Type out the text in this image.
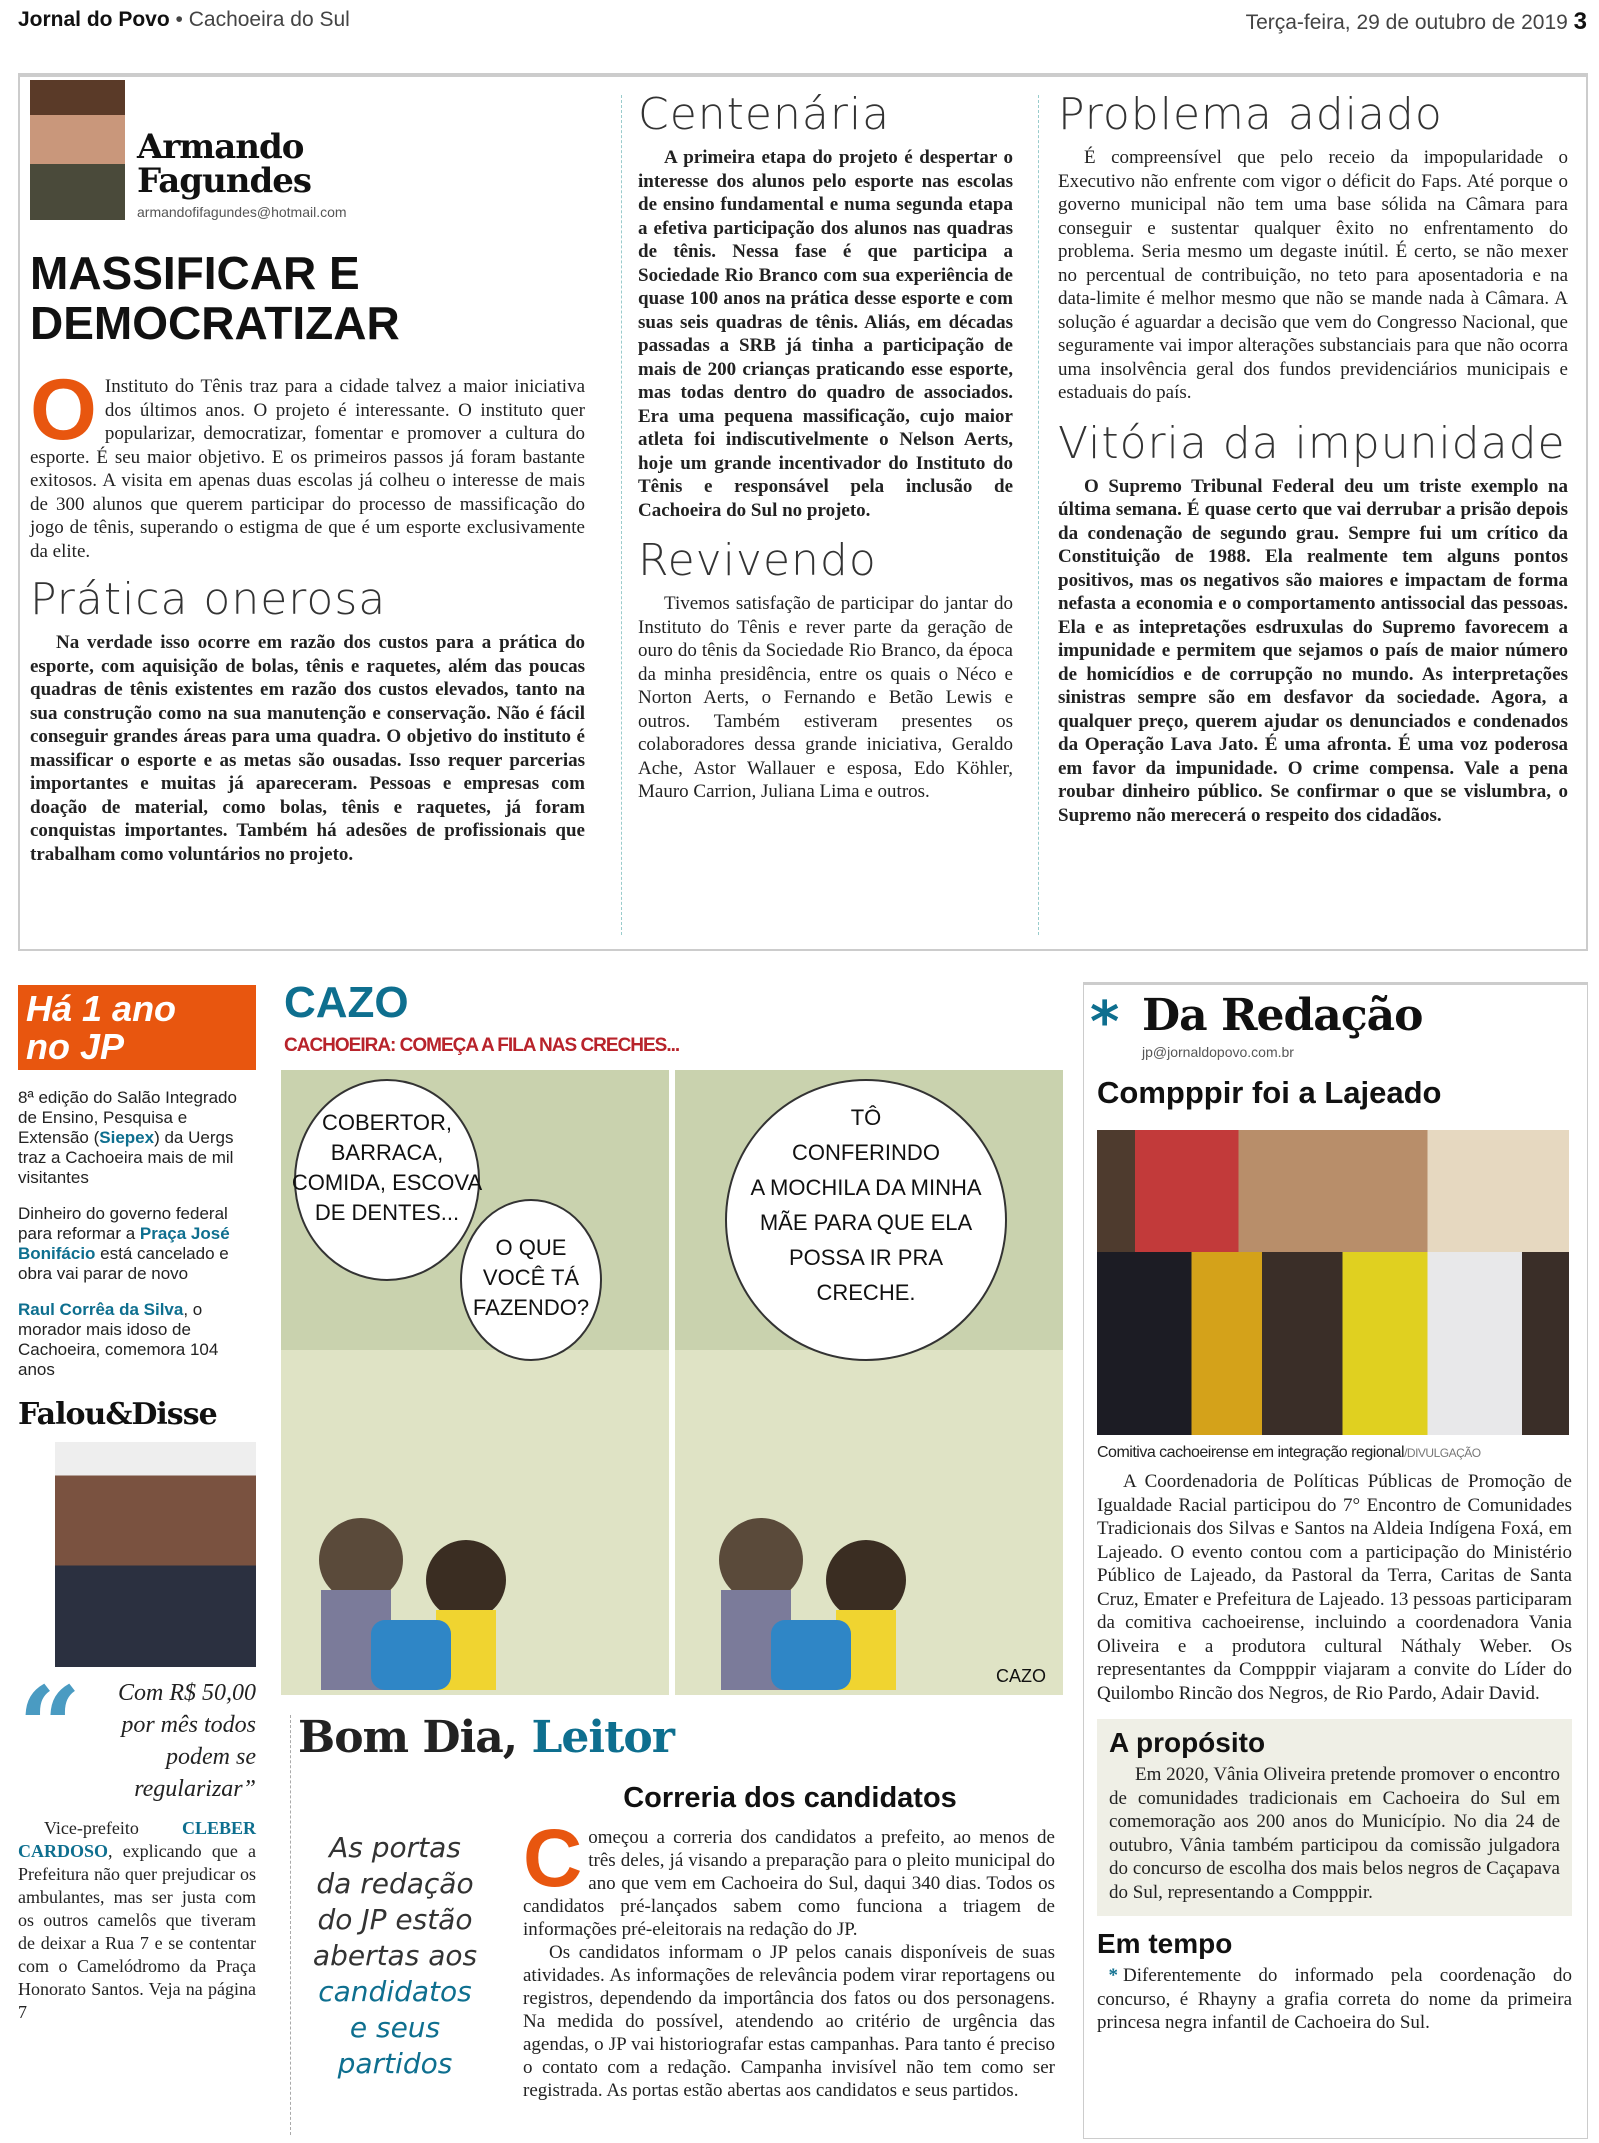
Jornal do Povo • Cachoeira do Sul	Terça-feira, 29 de outubro de 2019 3
Armando
Fagundes
armandofifagundes@hotmail.com
MASSIFICAR E DEMOCRATIZAR
O Instituto do Tênis traz para a cidade talvez a maior iniciativa dos últimos anos. O projeto é interessante. O instituto quer popularizar, democratizar, fomentar e promover a cultura do esporte. É seu maior objetivo. E os primeiros passos já foram bastante exitosos. A visita em apenas duas escolas já colheu o interesse de mais de 300 alunos que querem participar do processo de massificação do jogo de tênis, superando o estigma de que é um esporte exclusivamente da elite.
Prática onerosa
Na verdade isso ocorre em razão dos custos para a prática do esporte, com aquisição de bolas, tênis e raquetes, além das poucas quadras de tênis existentes em razão dos custos elevados, tanto na sua construção como na sua manutenção e conservação. Não é fácil conseguir grandes áreas para uma quadra. O objetivo do instituto é massificar o esporte e as metas são ousadas. Isso requer parcerias importantes e muitas já apareceram. Pessoas e empresas com doação de material, como bolas, tênis e raquetes, já foram conquistas importantes. Também há adesões de profissionais que trabalham como voluntários no projeto.
Centenária
A primeira etapa do projeto é despertar o interesse dos alunos pelo esporte nas escolas de ensino fundamental e numa segunda etapa a efetiva participação dos alunos nas quadras de tênis. Nessa fase é que participa a Sociedade Rio Branco com sua experiência de quase 100 anos na prática desse esporte e com suas seis quadras de tênis. Aliás, em décadas passadas a SRB já tinha a participação de mais de 200 crianças praticando esse esporte, mas todas dentro do quadro de associados. Era uma pequena massificação, cujo maior atleta foi indiscutivelmente o Nelson Aerts, hoje um grande incentivador do Instituto do Tênis e responsável pela inclusão de Cachoeira do Sul no projeto.
Revivendo
Tivemos satisfação de participar do jantar do Instituto do Tênis e rever parte da geração de ouro do tênis da Sociedade Rio Branco, da época da minha presidência, entre os quais o Néco e Norton Aerts, o Fernando e Betão Lewis e outros. Também estiveram presentes os colaboradores dessa grande iniciativa, Geraldo Ache, Astor Wallauer e esposa, Edo Köhler, Mauro Carrion, Juliana Lima e outros.
Problema adiado
É compreensível que pelo receio da impopularidade o Executivo não enfrente com vigor o déficit do Faps. Até porque o governo municipal não tem uma base sólida na Câmara para conseguir e sustentar qualquer êxito no enfrentamento do problema. Seria mesmo um degaste inútil. É certo, se não mexer no percentual de contribuição, no teto para aposentadoria e na data-limite é melhor mesmo que não se mande nada à Câmara. A solução é aguardar a decisão que vem do Congresso Nacional, que seguramente vai impor alterações substanciais para que não ocorra uma insolvência geral dos fundos previdenciários municipais e estaduais do país.
Vitória da impunidade
O Supremo Tribunal Federal deu um triste exemplo na última semana. É quase certo que vai derrubar a prisão depois da condenação de segundo grau. Sempre fui um crítico da Constituição de 1988. Ela realmente tem alguns pontos positivos, mas os negativos são maiores e impactam de forma nefasta a economia e o comportamento antissocial das pessoas. Ela e as intepretações esdruxulas do Supremo favorecem a impunidade e permitem que sejamos o país de maior número de homicídios e de corrupção no mundo. As interpretações sinistras sempre são em desfavor da sociedade. Agora, a qualquer preço, querem ajudar os denunciados e condenados da Operação Lava Jato. É uma afronta. É uma voz poderosa em favor da impunidade. O crime compensa. Vale a pena roubar dinheiro público. Se confirmar o que se vislumbra, o Supremo não merecerá o respeito dos cidadãos.
Há 1 ano
no JP

8ª edição do Salão Integrado de Ensino, Pesquisa e Extensão (Siepex) da Uergs traz a Cachoeira mais de mil visitantes

Dinheiro do governo federal para reformar a Praça José Bonifácio está cancelado e obra vai parar de novo

Raul Corrêa da Silva, o morador mais idoso de Cachoeira, comemora 104 anos

Falou&Disse
“	Com R$ 50,00 por mês todos podem se regularizar”
Vice-prefeito CLEBER CARDOSO, explicando que a Prefeitura não quer prejudicar os ambulantes, mas ser justa com os outros camelôs que tiveram de deixar a Rua 7 e se contentar com o Camelódromo da Praça Honorato Santos. Veja na página 7
CAZO
CACHOEIRA: COMEÇA A FILA NAS CRECHES...
COBERTOR, BARRACA, COMIDA, ESCOVA DE DENTES...
O QUE VOCÊ TÁ FAZENDO?
TÔ CONFERINDO A MOCHILA DA MINHA MÃE PARA QUE ELA POSSA IR PRA CRECHE.
CAZO
Bom Dia, Leitor
As portas
da redação
do JP estão
abertas aos
candidatos
e seus
partidos
Correria dos candidatos
Começou a correria dos candidatos a prefeito, ao menos de três deles, já visando a preparação para o pleito municipal do ano que vem em Cachoeira do Sul, daqui 340 dias. Todos os candidatos pré-lançados sabem como funciona a triagem de informações pré-eleitorais na redação do JP.
Os candidatos informam o JP pelos canais disponíveis de suas atividades. As informações de relevância podem virar reportagens ou registros, dependendo da importância dos fatos ou dos personagens. Na medida do possível, atendendo ao critério de urgência das agendas, o JP vai historiografar estas campanhas. Para tanto é preciso o contato com a redação. Campanha invisível não tem como ser registrada. As portas estão abertas aos candidatos e seus partidos.
* Da Redação
jp@jornaldopovo.com.br
Compppir foi a Lajeado
Comitiva cachoeirense em integração regional/DIVULGAÇÃO
A Coordenadoria de Políticas Públicas de Promoção de Igualdade Racial participou do 7° Encontro de Comunidades Tradicionais dos Silvas e Santos na Aldeia Indígena Foxá, em Lajeado. O evento contou com a participação do Ministério Público de Lajeado, da Pastoral da Terra, Caritas de Santa Cruz, Emater e Prefeitura de Lajeado. 13 pessoas participaram da comitiva cachoeirense, incluindo a coordenadora Vania Oliveira e a produtora cultural Náthaly Weber. Os representantes da Compppir viajaram a convite do Líder do Quilombo Rincão dos Negros, de Rio Pardo, Adair David.
A propósito
Em 2020, Vânia Oliveira pretende promover o encontro de comunidades tradicionais em Cachoeira do Sul em comemoração aos 200 anos do Município. No dia 24 de outubro, Vânia também participou da comissão julgadora do concurso de escolha dos mais belos negros de Caçapava do Sul, representando a Compppir.
Em tempo
* Diferentemente do informado pela coordenação do concurso, é Rhayny a grafia correta do nome da primeira princesa negra infantil de Cachoeira do Sul.
